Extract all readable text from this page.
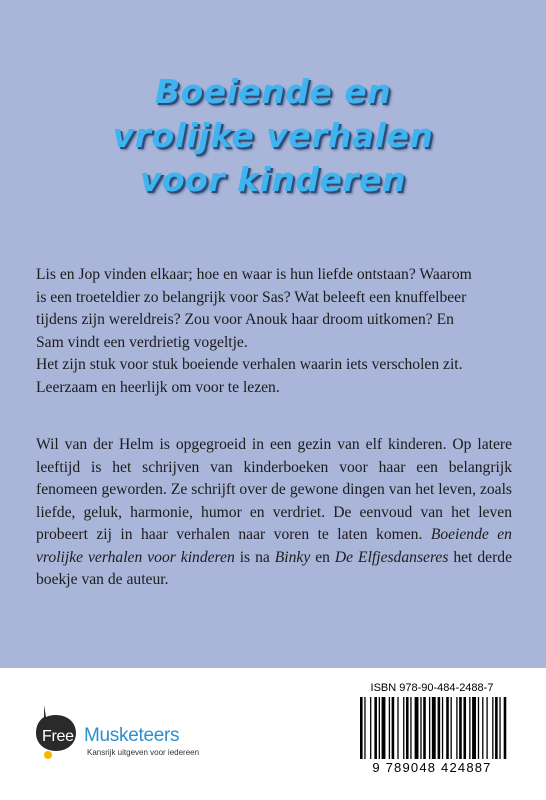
Boeiende en
vrolijke verhalen
voor kinderen

Lis en Jop vinden elkaar; hoe en waar is hun liefde ontstaan? Waarom
is een troeteldier zo belangrijk voor Sas? Wat beleeft een knuffelbeer
tijdens zijn wereldreis? Zou voor Anouk haar droom uitkomen? En
Sam vindt een verdrietig vogeltje.
Het zijn stuk voor stuk boeiende verhalen waarin iets verscholen zit.
Leerzaam en heerlijk om voor te lezen.

Wil van der Helm is opgegroeid in een gezin van elf kinderen. Op latere leeftijd is het schrijven van kinderboeken voor haar een belangrijk fenomeen geworden. Ze schrijft over de gewone dingen van het leven, zoals liefde, geluk, harmonie, humor en verdriet. De eenvoud van het leven probeert zij in haar verhalen naar voren te laten komen. Boeiende en vrolijke verhalen voor kinderen is na Binky en De Elfjesdanseres het derde boekje van de auteur.

Free Musketeers
Kansrijk uitgeven voor iedereen
ISBN 978-90-484-2488-7
9 789048 424887
